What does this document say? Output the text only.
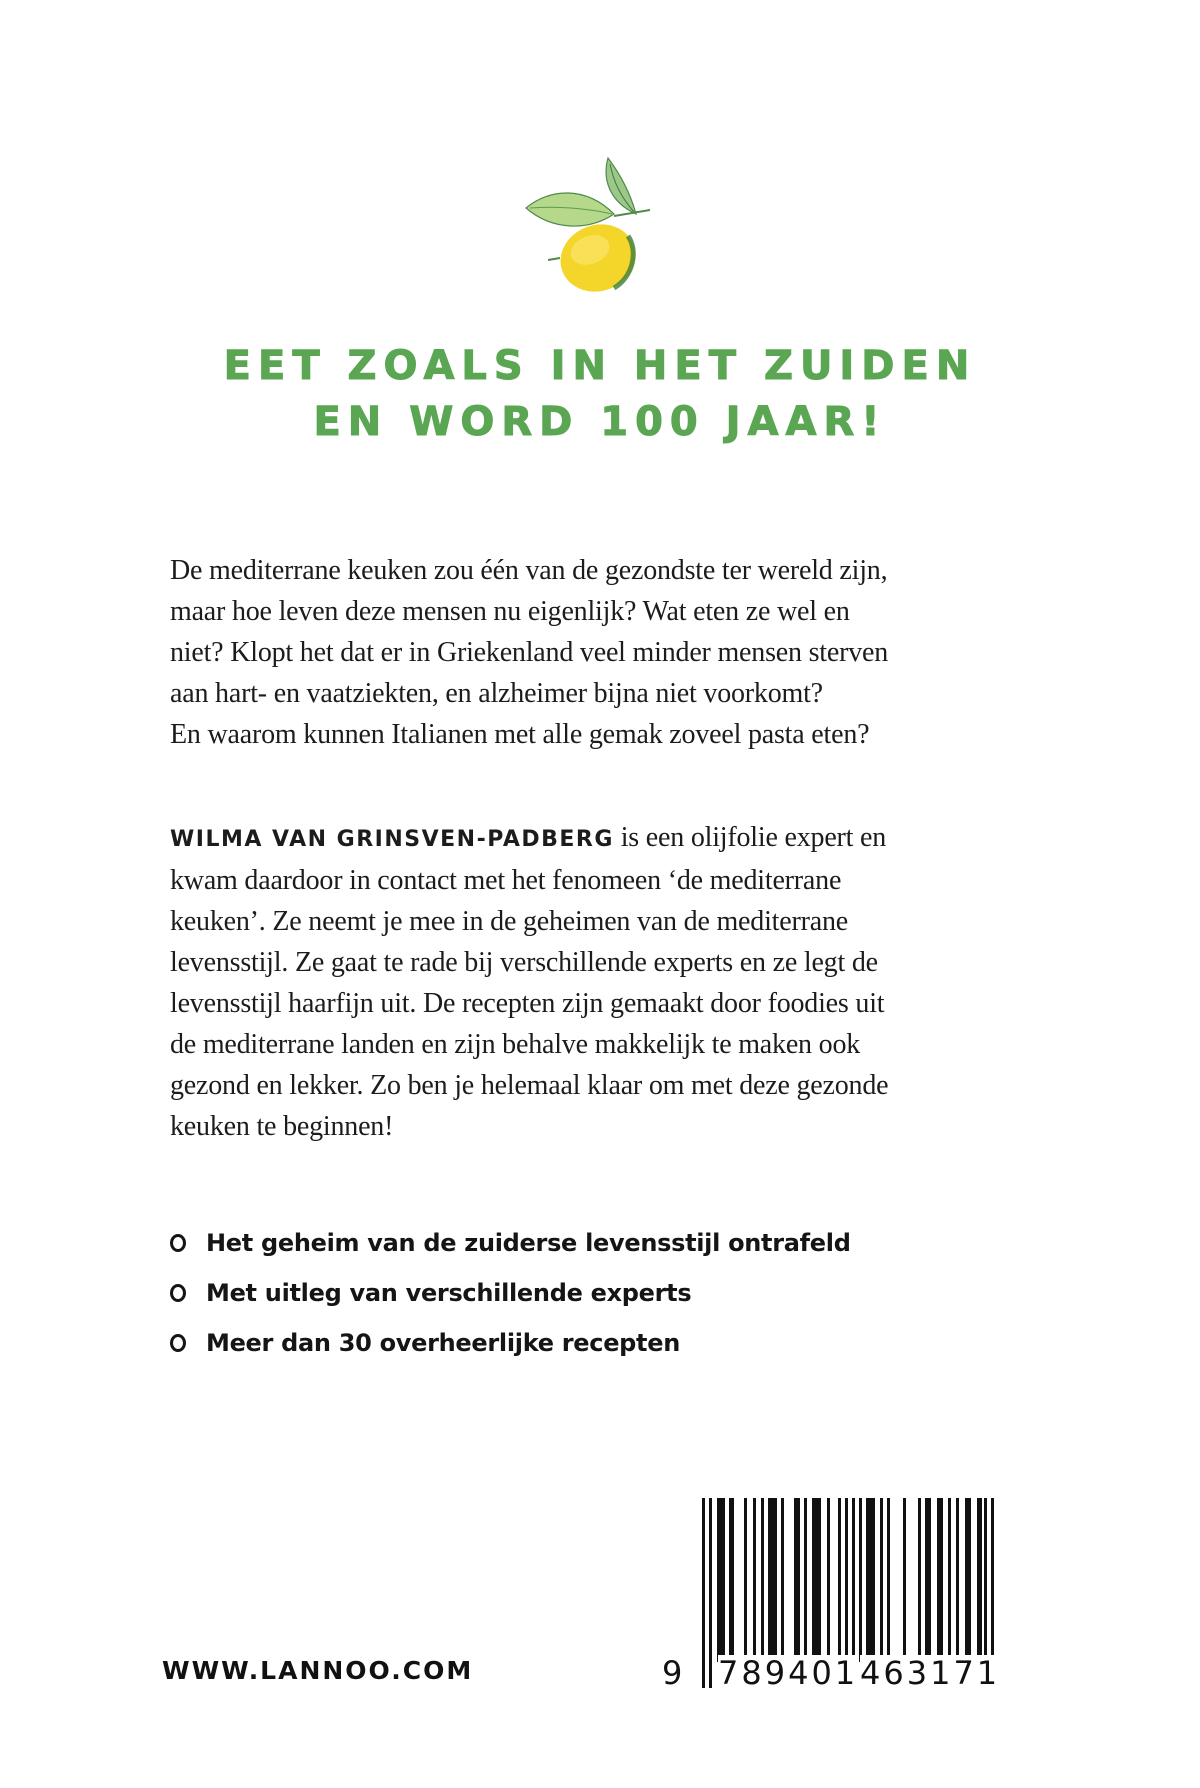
EET ZOALS IN HET ZUIDEN
EN WORD 100 JAAR!
De mediterrane keuken zou één van de gezondste ter wereld zijn,
maar hoe leven deze mensen nu eigenlijk? Wat eten ze wel en
niet? Klopt het dat er in Griekenland veel minder mensen sterven
aan hart- en vaatziekten, en alzheimer bijna niet voorkomt?
En waarom kunnen Italianen met alle gemak zoveel pasta eten?
WILMA VAN GRINSVEN-PADBERG is een olijfolie expert en
kwam daardoor in contact met het fenomeen ‘de mediterrane
keuken’. Ze neemt je mee in de geheimen van de mediterrane
levensstijl. Ze gaat te rade bij verschillende experts en ze legt de
levensstijl haarfijn uit. De recepten zijn gemaakt door foodies uit
de mediterrane landen en zijn behalve makkelijk te maken ook
gezond en lekker. Zo ben je helemaal klaar om met deze gezonde
keuken te beginnen!
Het geheim van de zuiderse levensstijl ontrafeld
Met uitleg van verschillende experts
Meer dan 30 overheerlijke recepten
WWW.LANNOO.COM	9 789401 463171
